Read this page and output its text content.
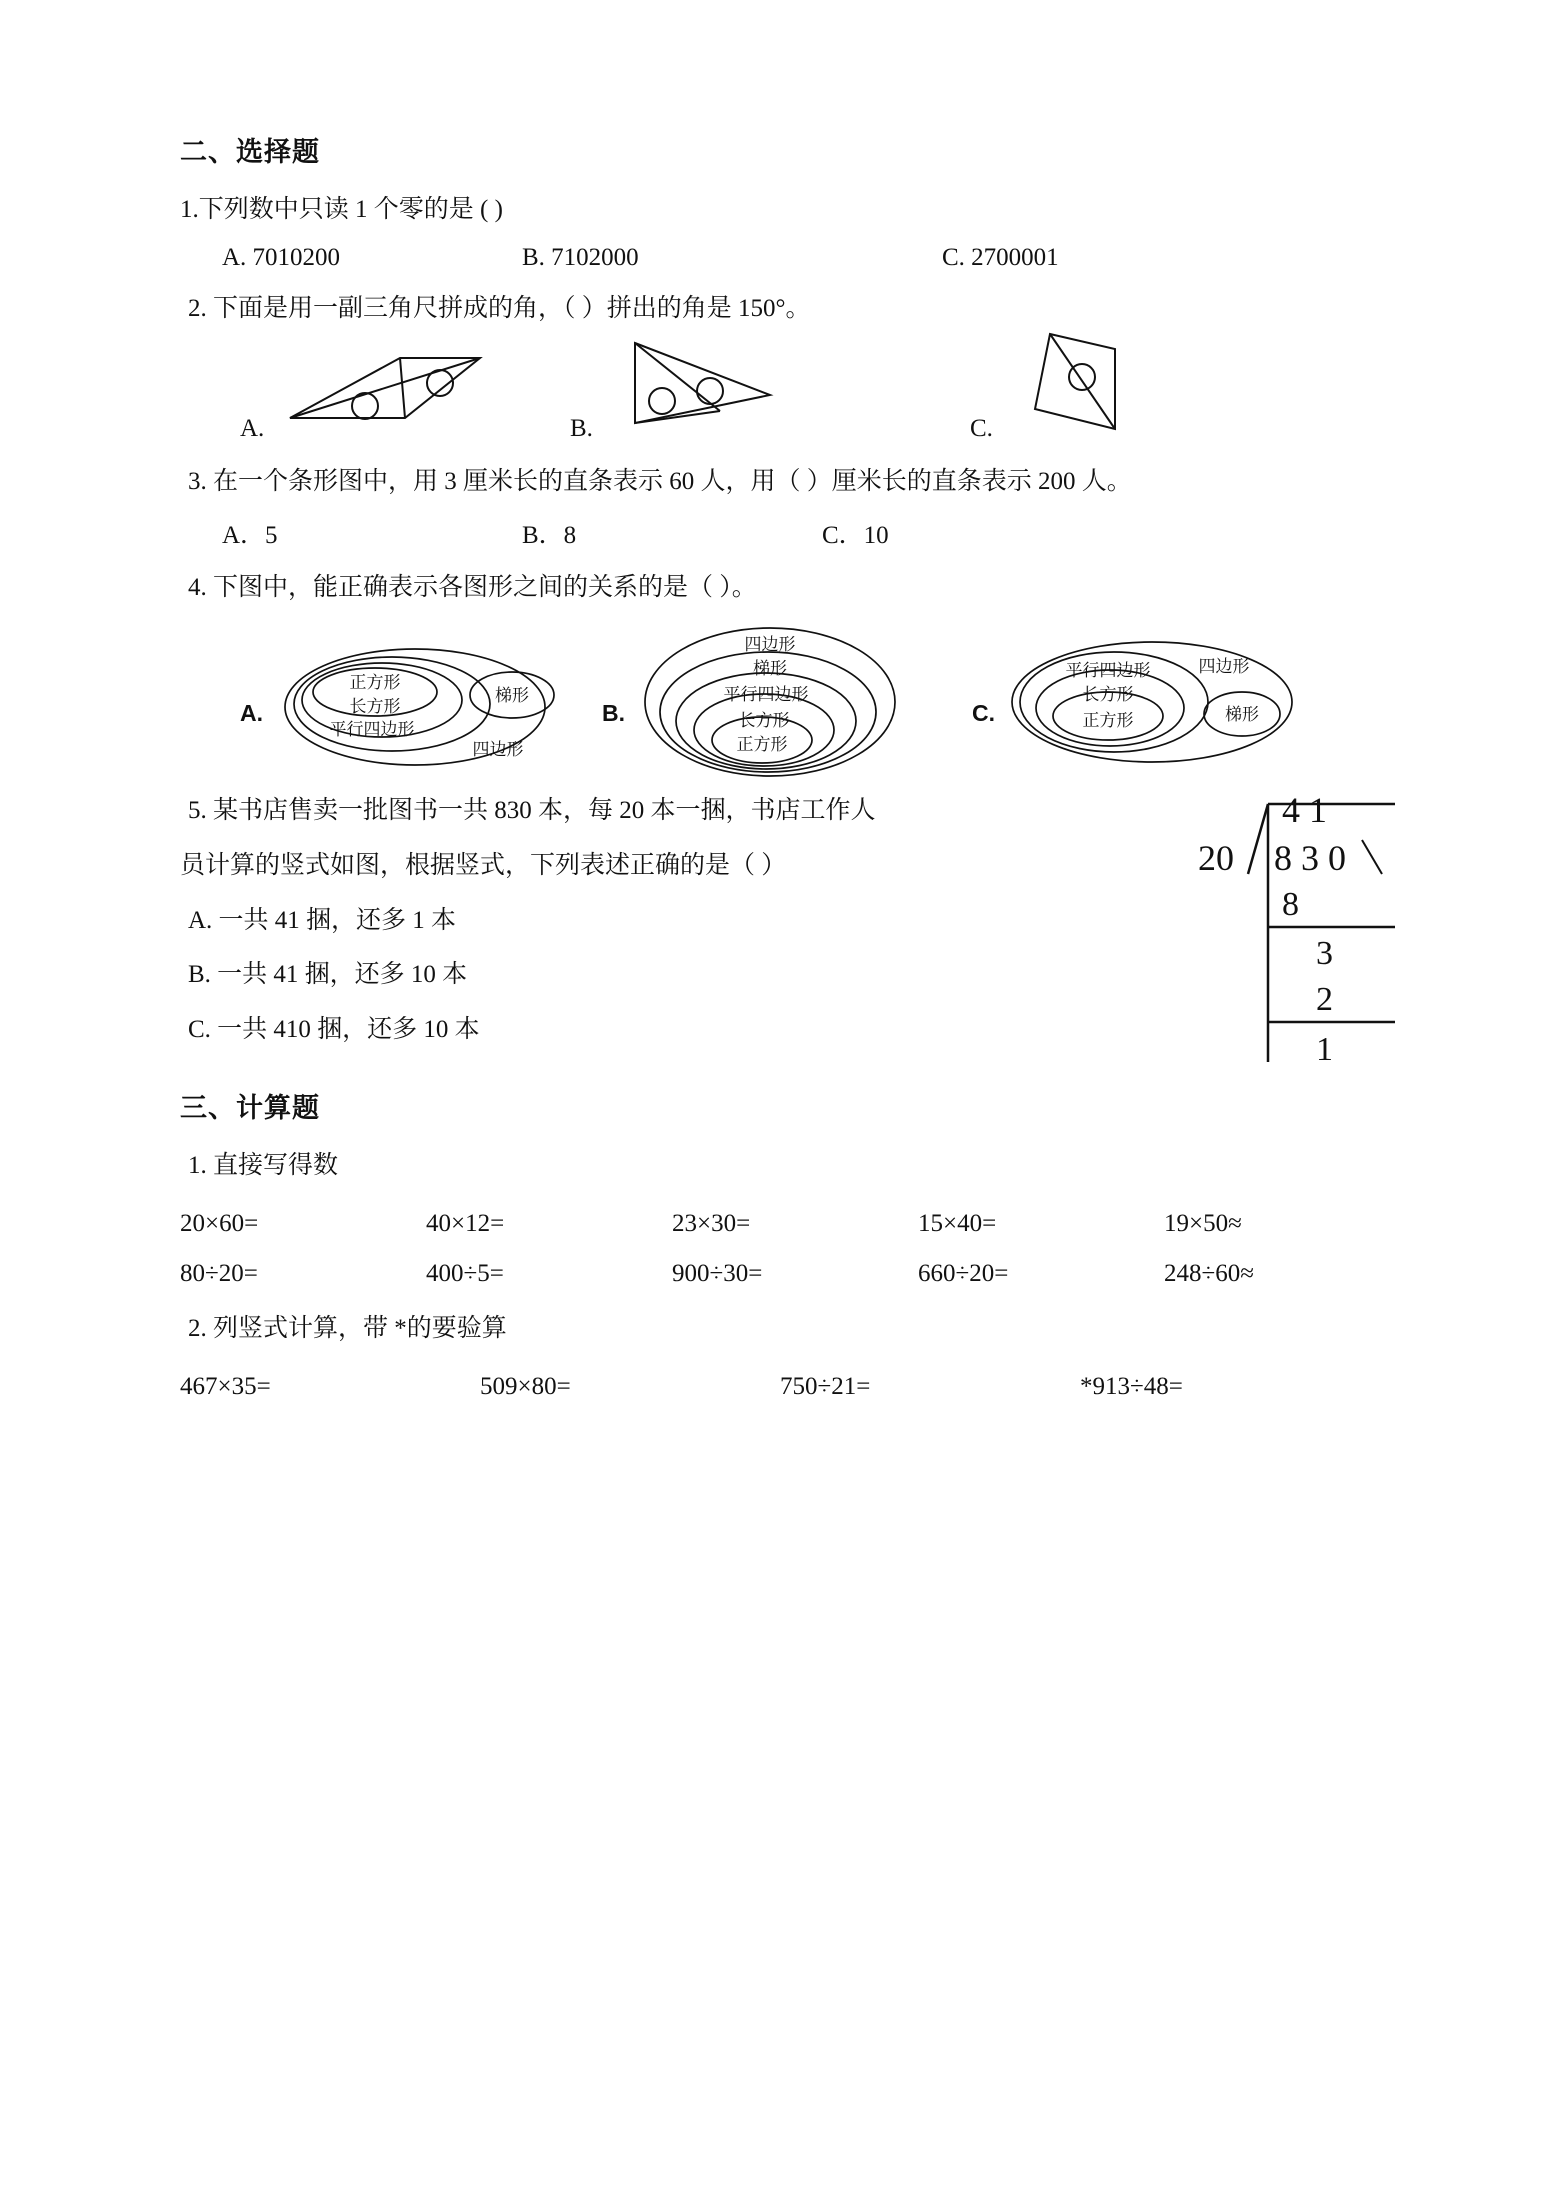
二、选择题
1.下列数中只读 1 个零的是 ( )
A. 7010200	B. 7102000	C. 2700001
2. 下面是用一副三角尺拼成的角，（ ）拼出的角是 150°。
A.	B.	C.
3. 在一个条形图中，用 3 厘米长的直条表示 60 人，用（ ）厘米长的直条表示 200 人。
A．5	B．8	C．10
4. 下图中，能正确表示各图形之间的关系的是（ ）。
A.
正方形
长方形
平行四边形
四边形
梯形
B.
四边形
梯形
平行四边形
长方形
正方形
C.
四边形
平行四边形
长方形
正方形	梯形
5. 某书店售卖一批图书一共 830 本，每 20 本一捆，书店工作人
员计算的竖式如图，根据竖式，下列表述正确的是（ ）
A. 一共 41 捆，还多 1 本
B. 一共 41 捆，还多 10 本
C. 一共 410 捆，还多 10 本
4 1
20 8 3 0
8
3
2
1
三、计算题
1. 直接写得数
20×60=	40×12=	23×30=	15×40=	19×50≈
80÷20=	400÷5=	900÷30=	660÷20=	248÷60≈
2. 列竖式计算，带 *的要验算
467×35=	509×80=	750÷21=	*913÷48=
